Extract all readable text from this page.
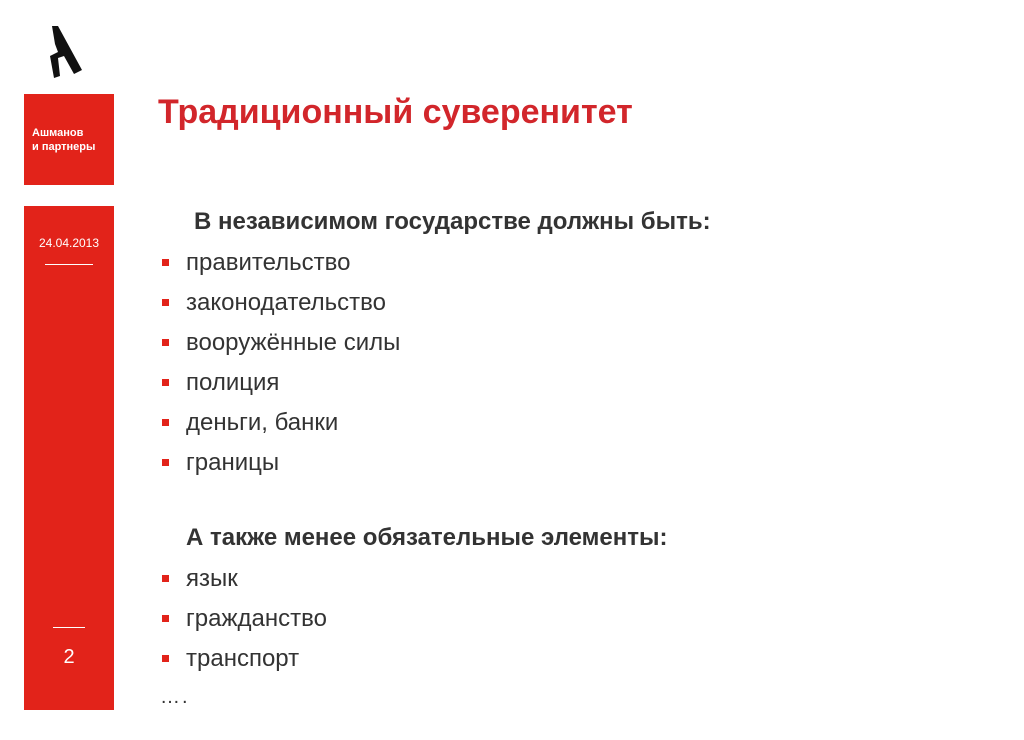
Ашманов
и партнеры
24.04.2013
2
Традиционный суверенитет
В независимом государстве должны быть:
правительство
законодательство
вооружённые силы
полиция
деньги, банки
границы
А также менее обязательные элементы:
язык
гражданство
транспорт
….
